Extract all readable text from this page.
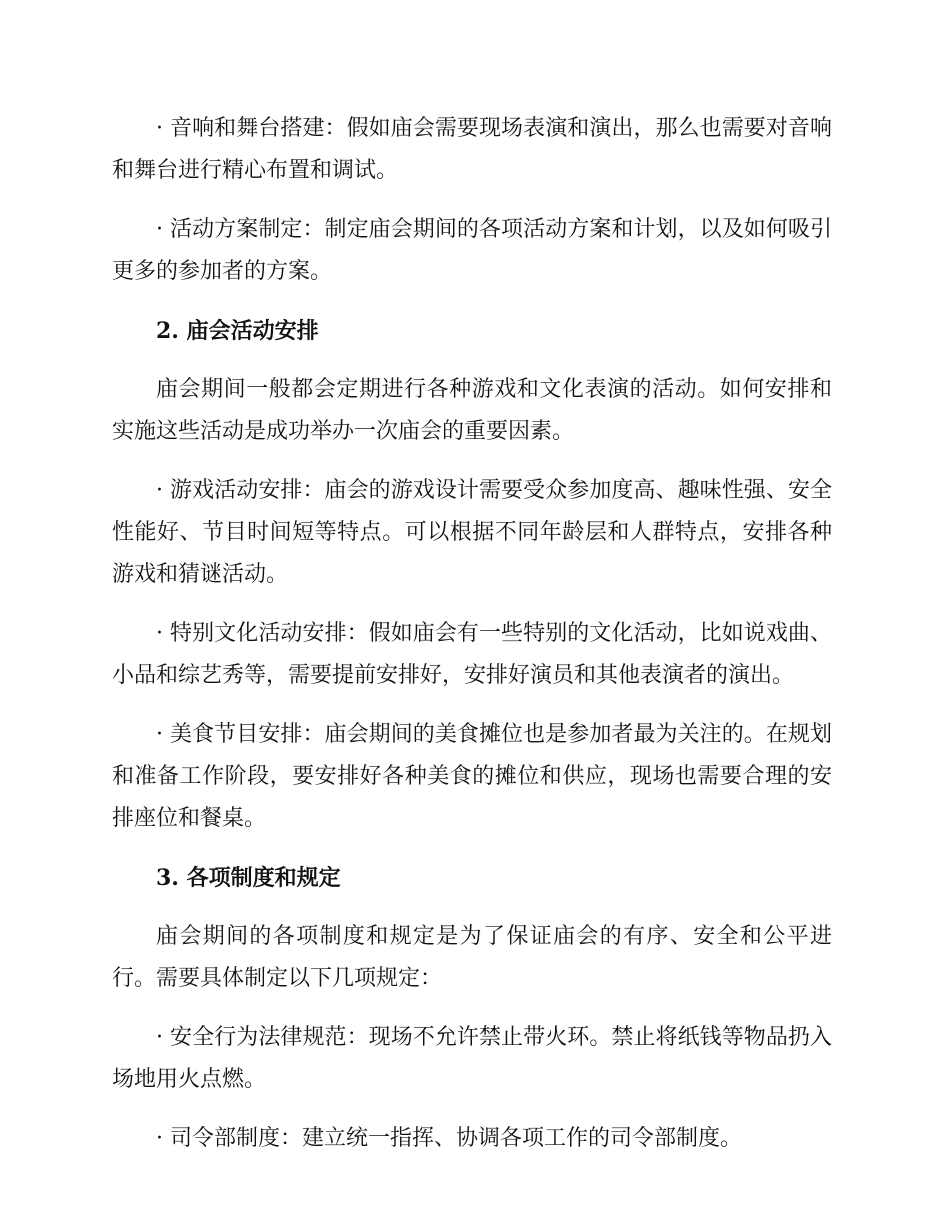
· 音响和舞台搭建：假如庙会需要现场表演和演出，那么也需要对音响和舞台进行精心布置和调试。

· 活动方案制定：制定庙会期间的各项活动方案和计划，以及如何吸引更多的参加者的方案。

2. 庙会活动安排

庙会期间一般都会定期进行各种游戏和文化表演的活动。如何安排和实施这些活动是成功举办一次庙会的重要因素。

· 游戏活动安排：庙会的游戏设计需要受众参加度高、趣味性强、安全性能好、节目时间短等特点。可以根据不同年龄层和人群特点，安排各种游戏和猜谜活动。

· 特别文化活动安排：假如庙会有一些特别的文化活动，比如说戏曲、小品和综艺秀等，需要提前安排好，安排好演员和其他表演者的演出。

· 美食节目安排：庙会期间的美食摊位也是参加者最为关注的。在规划和准备工作阶段，要安排好各种美食的摊位和供应，现场也需要合理的安排座位和餐桌。

3. 各项制度和规定

庙会期间的各项制度和规定是为了保证庙会的有序、安全和公平进行。需要具体制定以下几项规定：

· 安全行为法律规范：现场不允许禁止带火环。禁止将纸钱等物品扔入场地用火点燃。

· 司令部制度：建立统一指挥、协调各项工作的司令部制度。
